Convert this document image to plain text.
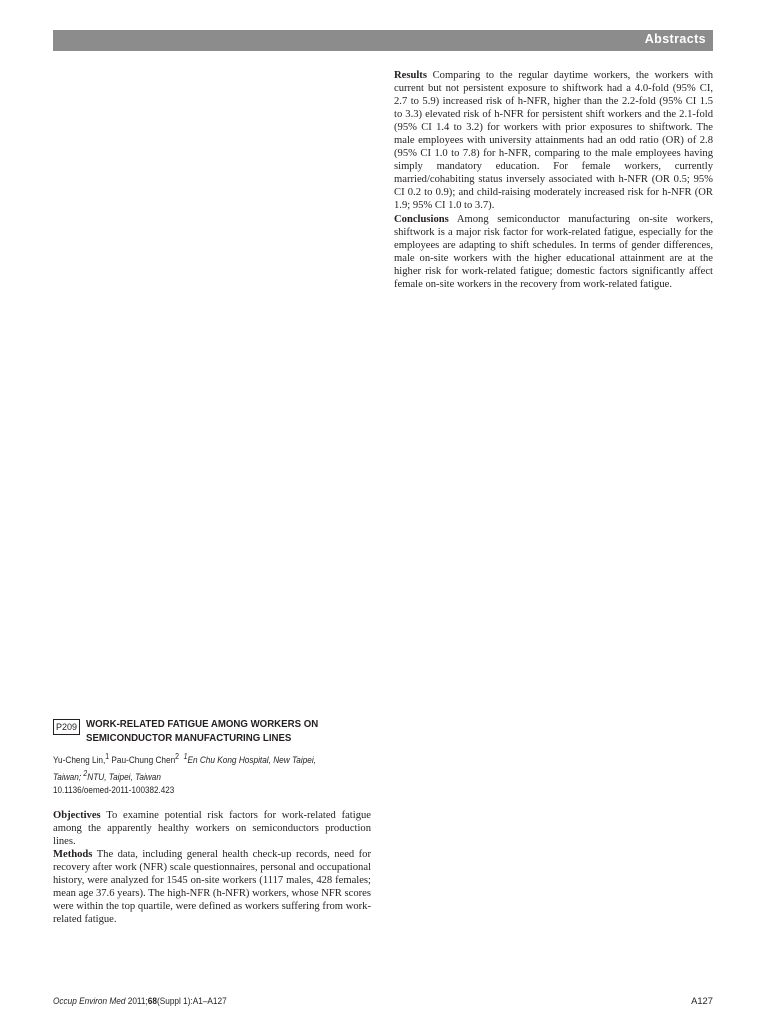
Abstracts

Results Comparing to the regular daytime workers, the workers with current but not persistent exposure to shiftwork had a 4.0-fold (95% CI, 2.7 to 5.9) increased risk of h-NFR, higher than the 2.2-fold (95% CI 1.5 to 3.3) elevated risk of h-NFR for persistent shift workers and the 2.1-fold (95% CI 1.4 to 3.2) for workers with prior exposures to shiftwork. The male employees with university attainments had an odd ratio (OR) of 2.8 (95% CI 1.0 to 7.8) for h-NFR, comparing to the male employees having simply mandatory education. For female workers, currently married/cohabiting status inversely associated with h-NFR (OR 0.5; 95% CI 0.2 to 0.9); and child-raising moderately increased risk for h-NFR (OR 1.9; 95% CI 1.0 to 3.7).

Conclusions Among semiconductor manufacturing on-site workers, shiftwork is a major risk factor for work-related fatigue, especially for the employees are adapting to shift schedules. In terms of gender differences, male on-site workers with the higher educational attainment are at the higher risk for work-related fatigue; domestic factors significantly affect female on-site workers in the recovery from work-related fatigue.

P209 WORK-RELATED FATIGUE AMONG WORKERS ON SEMICONDUCTOR MANUFACTURING LINES
Yu-Cheng Lin,$^1$ Pau-Chung Chen$^2$ $^1$En Chu Kong Hospital, New Taipei, Taiwan; $^2$NTU, Taipei, Taiwan
10.1136/oemed-2011-100382.423

Objectives To examine potential risk factors for work-related fatigue among the apparently healthy workers on semiconductors production lines.

Methods The data, including general health check-up records, need for recovery after work (NFR) scale questionnaires, personal and occupational history, were analyzed for 1545 on-site workers (1117 males, 428 females; mean age 37.6 years). The high-NFR (h-NFR) workers, whose NFR scores were within the top quartile, were defined as workers suffering from work-related fatigue.

Occup Environ Med 2011;68(Suppl 1):A1–A127	A127
